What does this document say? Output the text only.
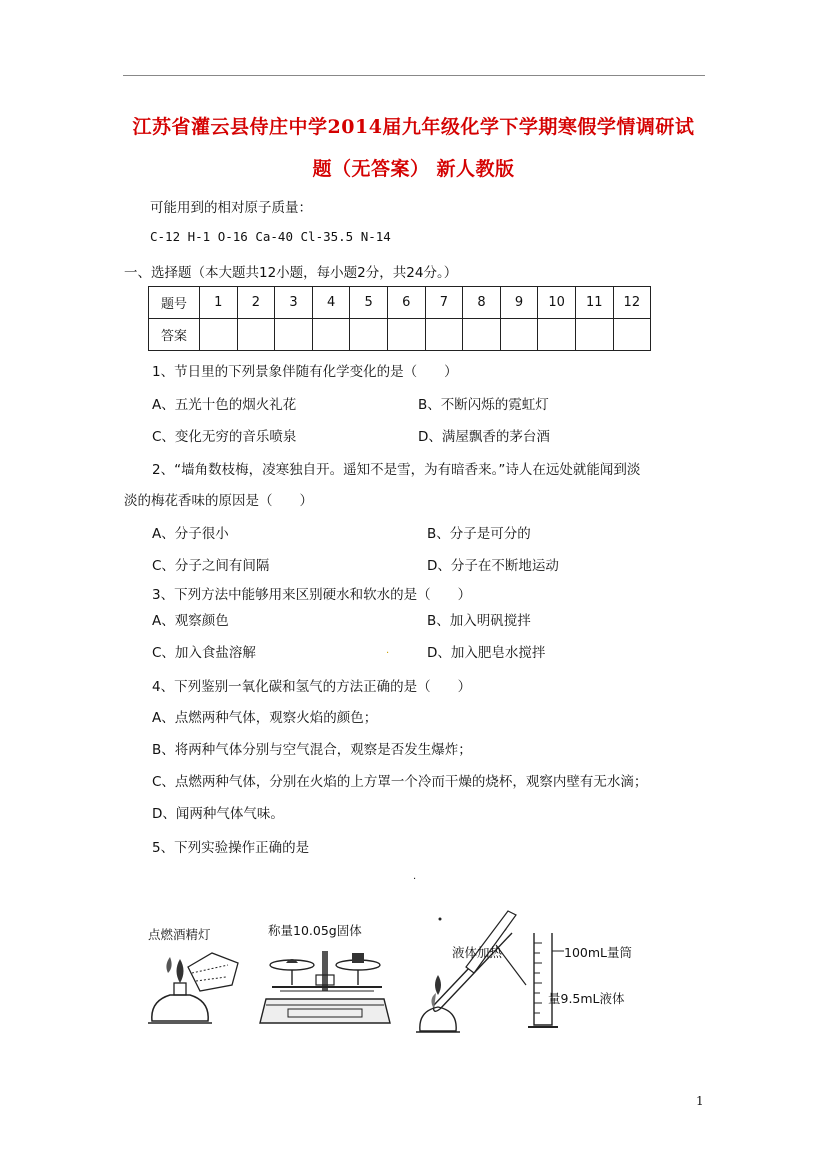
江苏省灌云县侍庄中学2014届九年级化学下学期寒假学情调研试
题（无答案） 新人教版
可能用到的相对原子质量：
C-12 H-1 O-16 Ca-40 Cl-35.5 N-14
一、选择题（本大题共12小题，每小题2分，共24分。）
题号	1	2	3	4	5	6	7	8	9	10	11	12
答案												
1、节日里的下列景象伴随有化学变化的是（　　）
A、五光十色的烟火礼花	B、不断闪烁的霓虹灯
C、变化无穷的音乐喷泉	D、满屋飘香的茅台酒
2、“墙角数枝梅，凌寒独自开。遥知不是雪，为有暗香来。”诗人在远处就能闻到淡
淡的梅花香味的原因是（　　）
A、分子很小	B、分子是可分的
C、分子之间有间隔	D、分子在不断地运动
3、下列方法中能够用来区别硬水和软水的是（　　）
A、观察颜色	B、加入明矾搅拌
C、加入食盐溶解	D、加入肥皂水搅拌
.
4、下列鉴别一氧化碳和氢气的方法正确的是（　　）
A、点燃两种气体，观察火焰的颜色；
B、将两种气体分别与空气混合，观察是否发生爆炸；
C、点燃两种气体，分别在火焰的上方罩一个冷而干燥的烧杯，观察内壁有无水滴；
D、闻两种气体气味。
5、下列实验操作正确的是
.
点燃酒精灯	称量10.05g固体
液体加热	100mL量筒
量9.5mL液体
1
